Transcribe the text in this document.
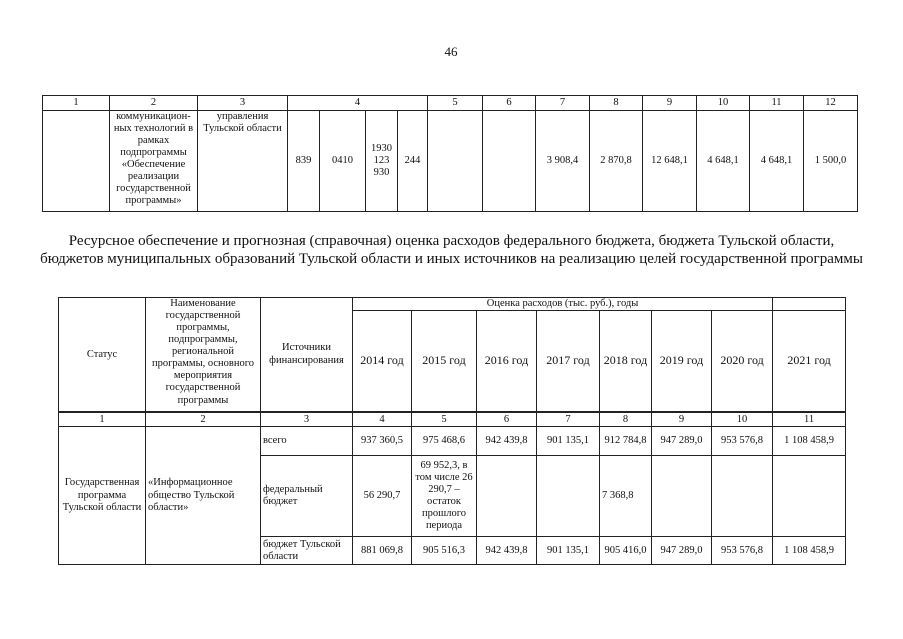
46
1	2	3	4				5	6	7	8	9	10	11	12
	коммуникацион-ных технологий в рамках подпрограммы «Обеспечение реализации государственной программы»	управления Тульской области	839	0410	1930 123 930	244			3 908,4	2 870,8	12 648,1	4 648,1	4 648,1	1 500,0
Ресурсное обеспечение и прогнозная (справочная) оценка расходов федерального бюджета, бюджета Тульской области, бюджетов муниципальных образований Тульской области и иных источников на реализацию целей государственной программы
Статус	Наименование государственной программы, подпрограммы, региональной программы, основного мероприятия государственной программы	Источники финансирования	Оценка расходов (тыс. руб.), годы							
			2014 год	2015 год	2016 год	2017 год	2018 год	2019 год	2020 год	2021 год
1	2	3	4	5	6	7	8	9	10	11
Государственная программа Тульской области	«Информационное общество Тульской области»	всего	937 360,5	975 468,6	942 439,8	901 135,1	912 784,8	947 289,0	953 576,8	1 108 458,9
		федеральный бюджет	56 290,7	69 952,3, в том числе 26 290,7 – остаток прошлого периода			7 368,8			
		бюджет Тульской области	881 069,8	905 516,3	942 439,8	901 135,1	905 416,0	947 289,0	953 576,8	1 108 458,9
